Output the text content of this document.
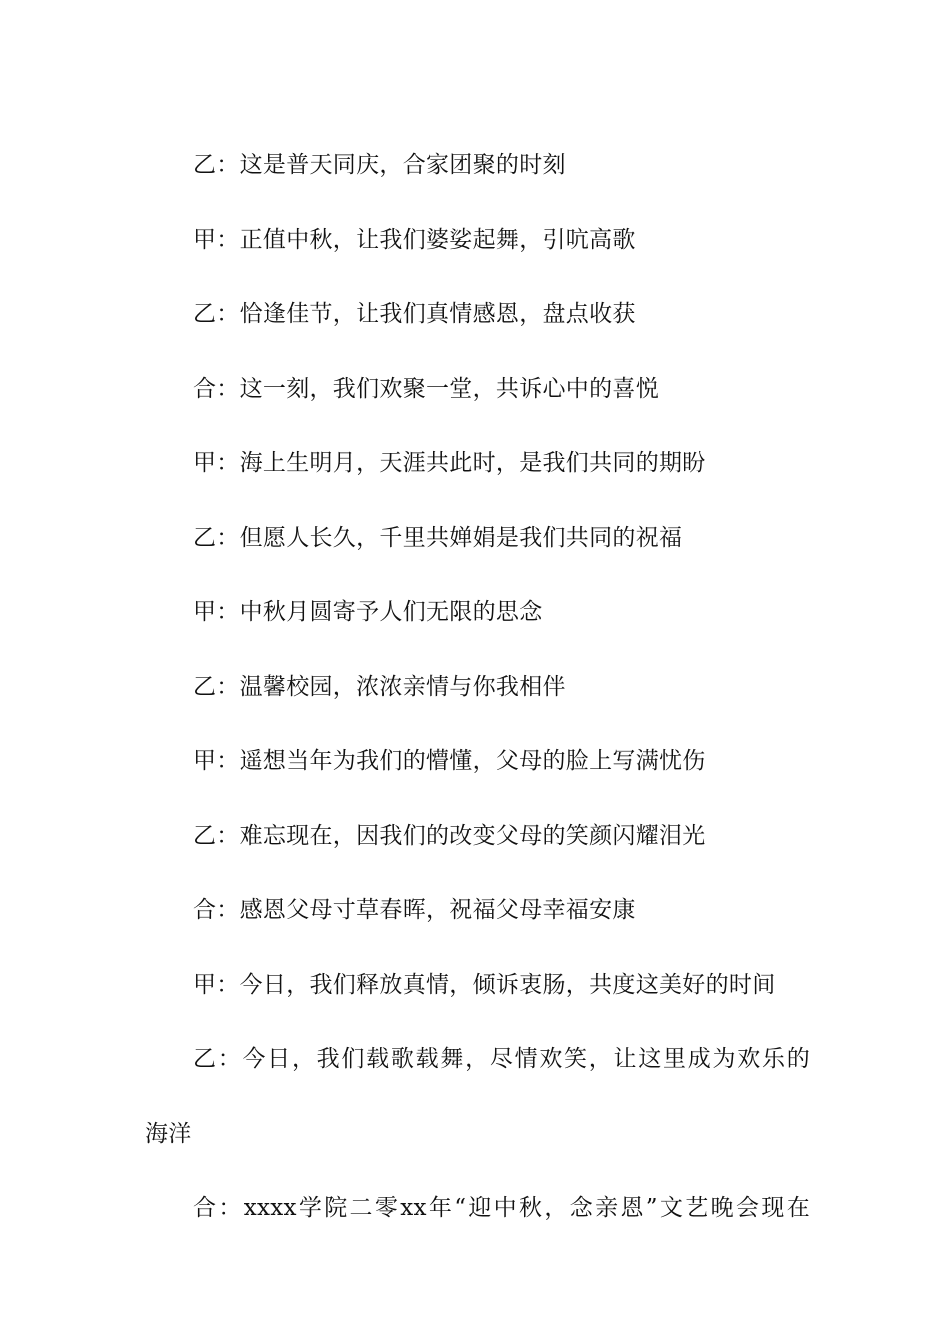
乙：这是普天同庆，合家团聚的时刻
甲：正值中秋，让我们婆娑起舞，引吭高歌
乙：恰逢佳节，让我们真情感恩，盘点收获
合：这一刻，我们欢聚一堂，共诉心中的喜悦
甲：海上生明月，天涯共此时，是我们共同的期盼
乙：但愿人长久，千里共婵娟是我们共同的祝福
甲：中秋月圆寄予人们无限的思念
乙：温馨校园，浓浓亲情与你我相伴
甲：遥想当年为我们的懵懂，父母的脸上写满忧伤
乙：难忘现在，因我们的改变父母的笑颜闪耀泪光
合：感恩父母寸草春晖，祝福父母幸福安康
甲：今日，我们释放真情，倾诉衷肠，共度这美好的时间
乙：今日，我们载歌载舞，尽情欢笑，让这里成为欢乐的
海洋
合：xxxx学院二零xx年“迎中秋，念亲恩”文艺晚会现在
